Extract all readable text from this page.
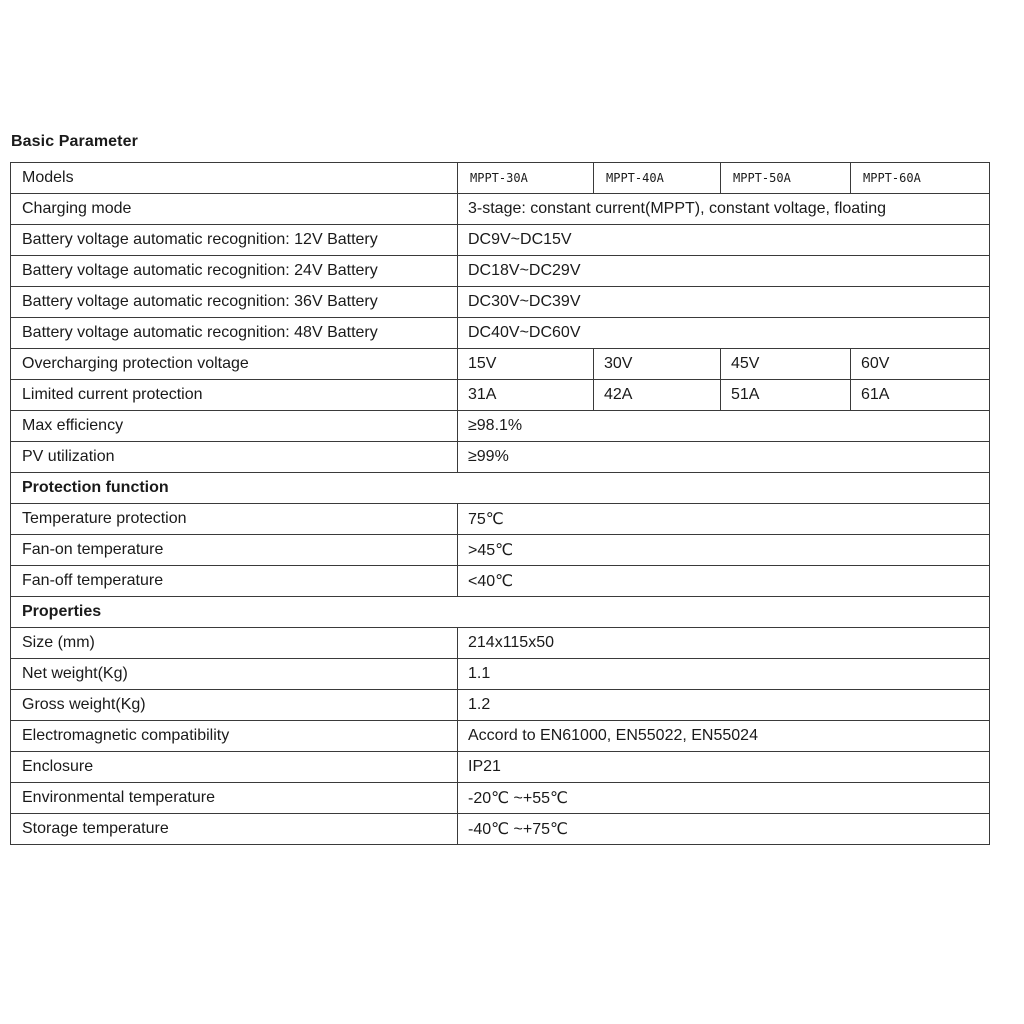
Basic Parameter
Models	MPPT-30A	MPPT-40A	MPPT-50A	MPPT-60A
Charging mode	3-stage: constant current(MPPT), constant voltage, floating			
Battery voltage automatic recognition: 12V Battery	DC9V~DC15V			
Battery voltage automatic recognition: 24V Battery	DC18V~DC29V			
Battery voltage automatic recognition: 36V Battery	DC30V~DC39V			
Battery voltage automatic recognition: 48V Battery	DC40V~DC60V			
Overcharging protection voltage	15V	30V	45V	60V
Limited current protection	31A	42A	51A	61A
Max efficiency	≥98.1%			
PV utilization	≥99%			
Protection function				
Temperature protection	75℃			
Fan-on temperature	>45℃			
Fan-off temperature	<40℃			
Properties				
Size (mm)	214x115x50			
Net weight(Kg)	1.1			
Gross weight(Kg)	1.2			
Electromagnetic compatibility	Accord to EN61000, EN55022, EN55024			
Enclosure	IP21			
Environmental temperature	-20℃ ~+55℃			
Storage temperature	-40℃ ~+75℃			
